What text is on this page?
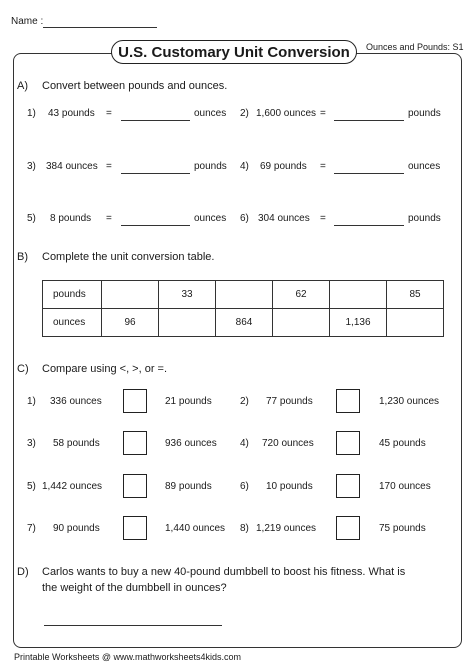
Name :
U.S. Customary Unit Conversion Ounces and Pounds: S1
A) Convert between pounds and ounces.
1) 43 pounds =	ounces 2) 1,600 ounces =	pounds
3) 384 ounces =	pounds 4) 69 pounds =	ounces
5) 8 pounds =	ounces 6) 304 ounces =	pounds
B) Complete the unit conversion table.
pounds		33		62		85
ounces	96		864		1,136	
C) Compare using <, >, or =.
1) 336 ounces	21 pounds	2) 77 pounds	1,230 ounces
3) 58 pounds	936 ounces 4) 720 ounces	45 pounds
5) 1,442 ounces	89 pounds	6) 10 pounds	170 ounces
7) 90 pounds	1,440 ounces 8) 1,219 ounces	75 pounds
D) Carlos wants to buy a new 40-pound dumbbell to boost his fitness. What is
the weight of the dumbbell in ounces?
Printable Worksheets @ www.mathworksheets4kids.com
